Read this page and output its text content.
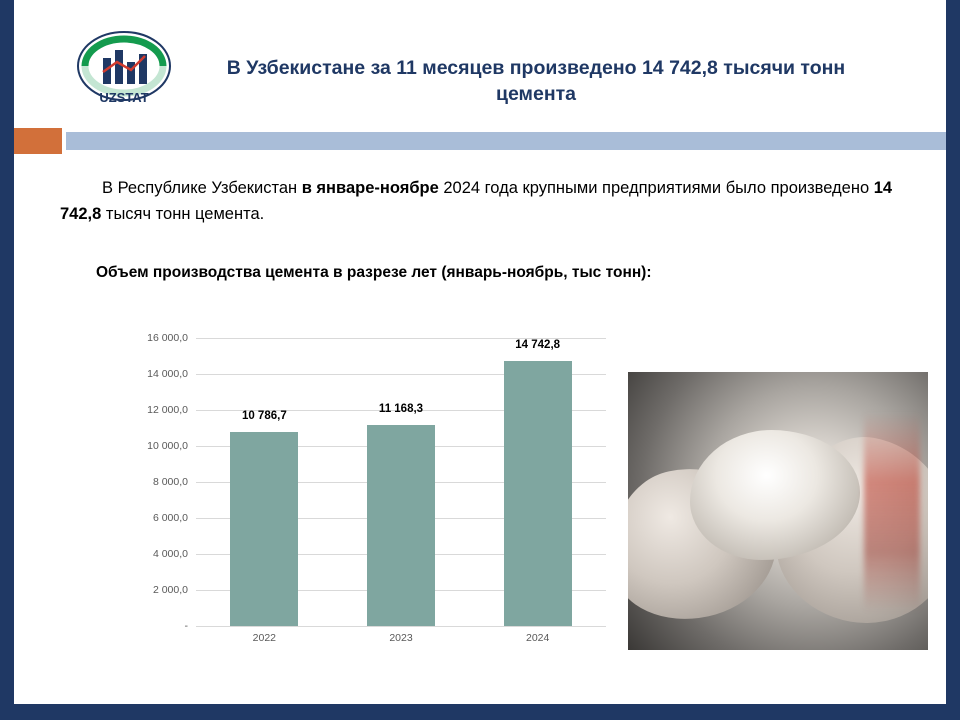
UZSTAT
В Узбекистане за 11 месяцев произведено 14 742,8 тысячи тонн цемента
В Республике Узбекистан в январе-ноябре 2024 года крупными предприятиями было произведено 14 742,8 тысяч тонн цемента.
Объем производства цемента в разрезе лет (январь-ноябрь, тыс тонн):
16 000,0
14 000,0
12 000,0
10 000,0
8 000,0
6 000,0
4 000,0
2 000,0
-
10 786,7
11 168,3
14 742,8
2022	2023	2024
